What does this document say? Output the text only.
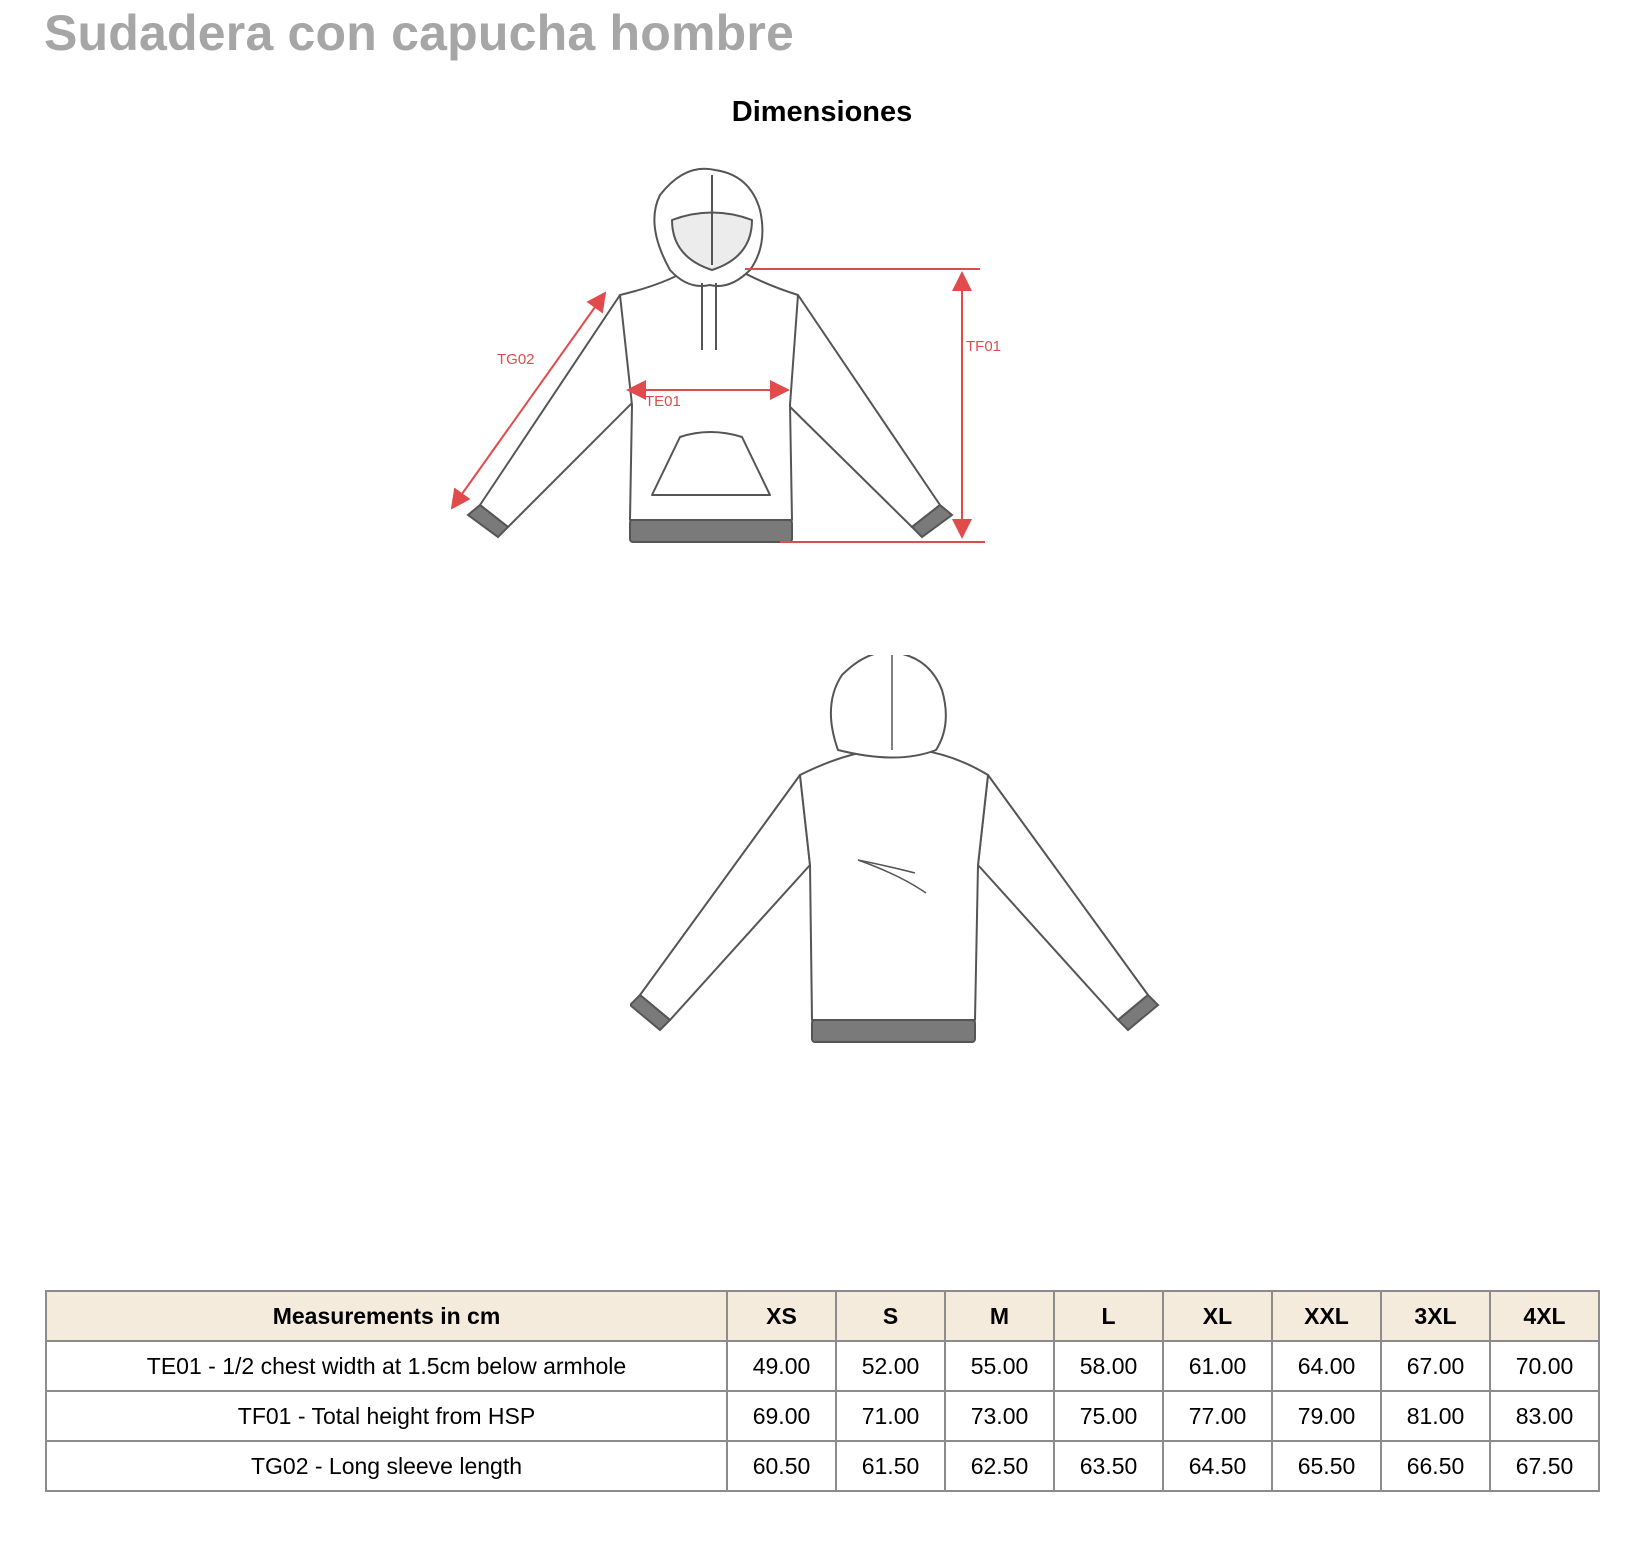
Sudadera con capucha hombre
Dimensiones
TE01
TF01
TG02
Measurements in cm	XS	S	M	L	XL	XXL	3XL	4XL
TE01 - 1/2 chest width at 1.5cm below armhole	49.00	52.00	55.00	58.00	61.00	64.00	67.00	70.00
TF01 - Total height from HSP	69.00	71.00	73.00	75.00	77.00	79.00	81.00	83.00
TG02 - Long sleeve length	60.50	61.50	62.50	63.50	64.50	65.50	66.50	67.50
